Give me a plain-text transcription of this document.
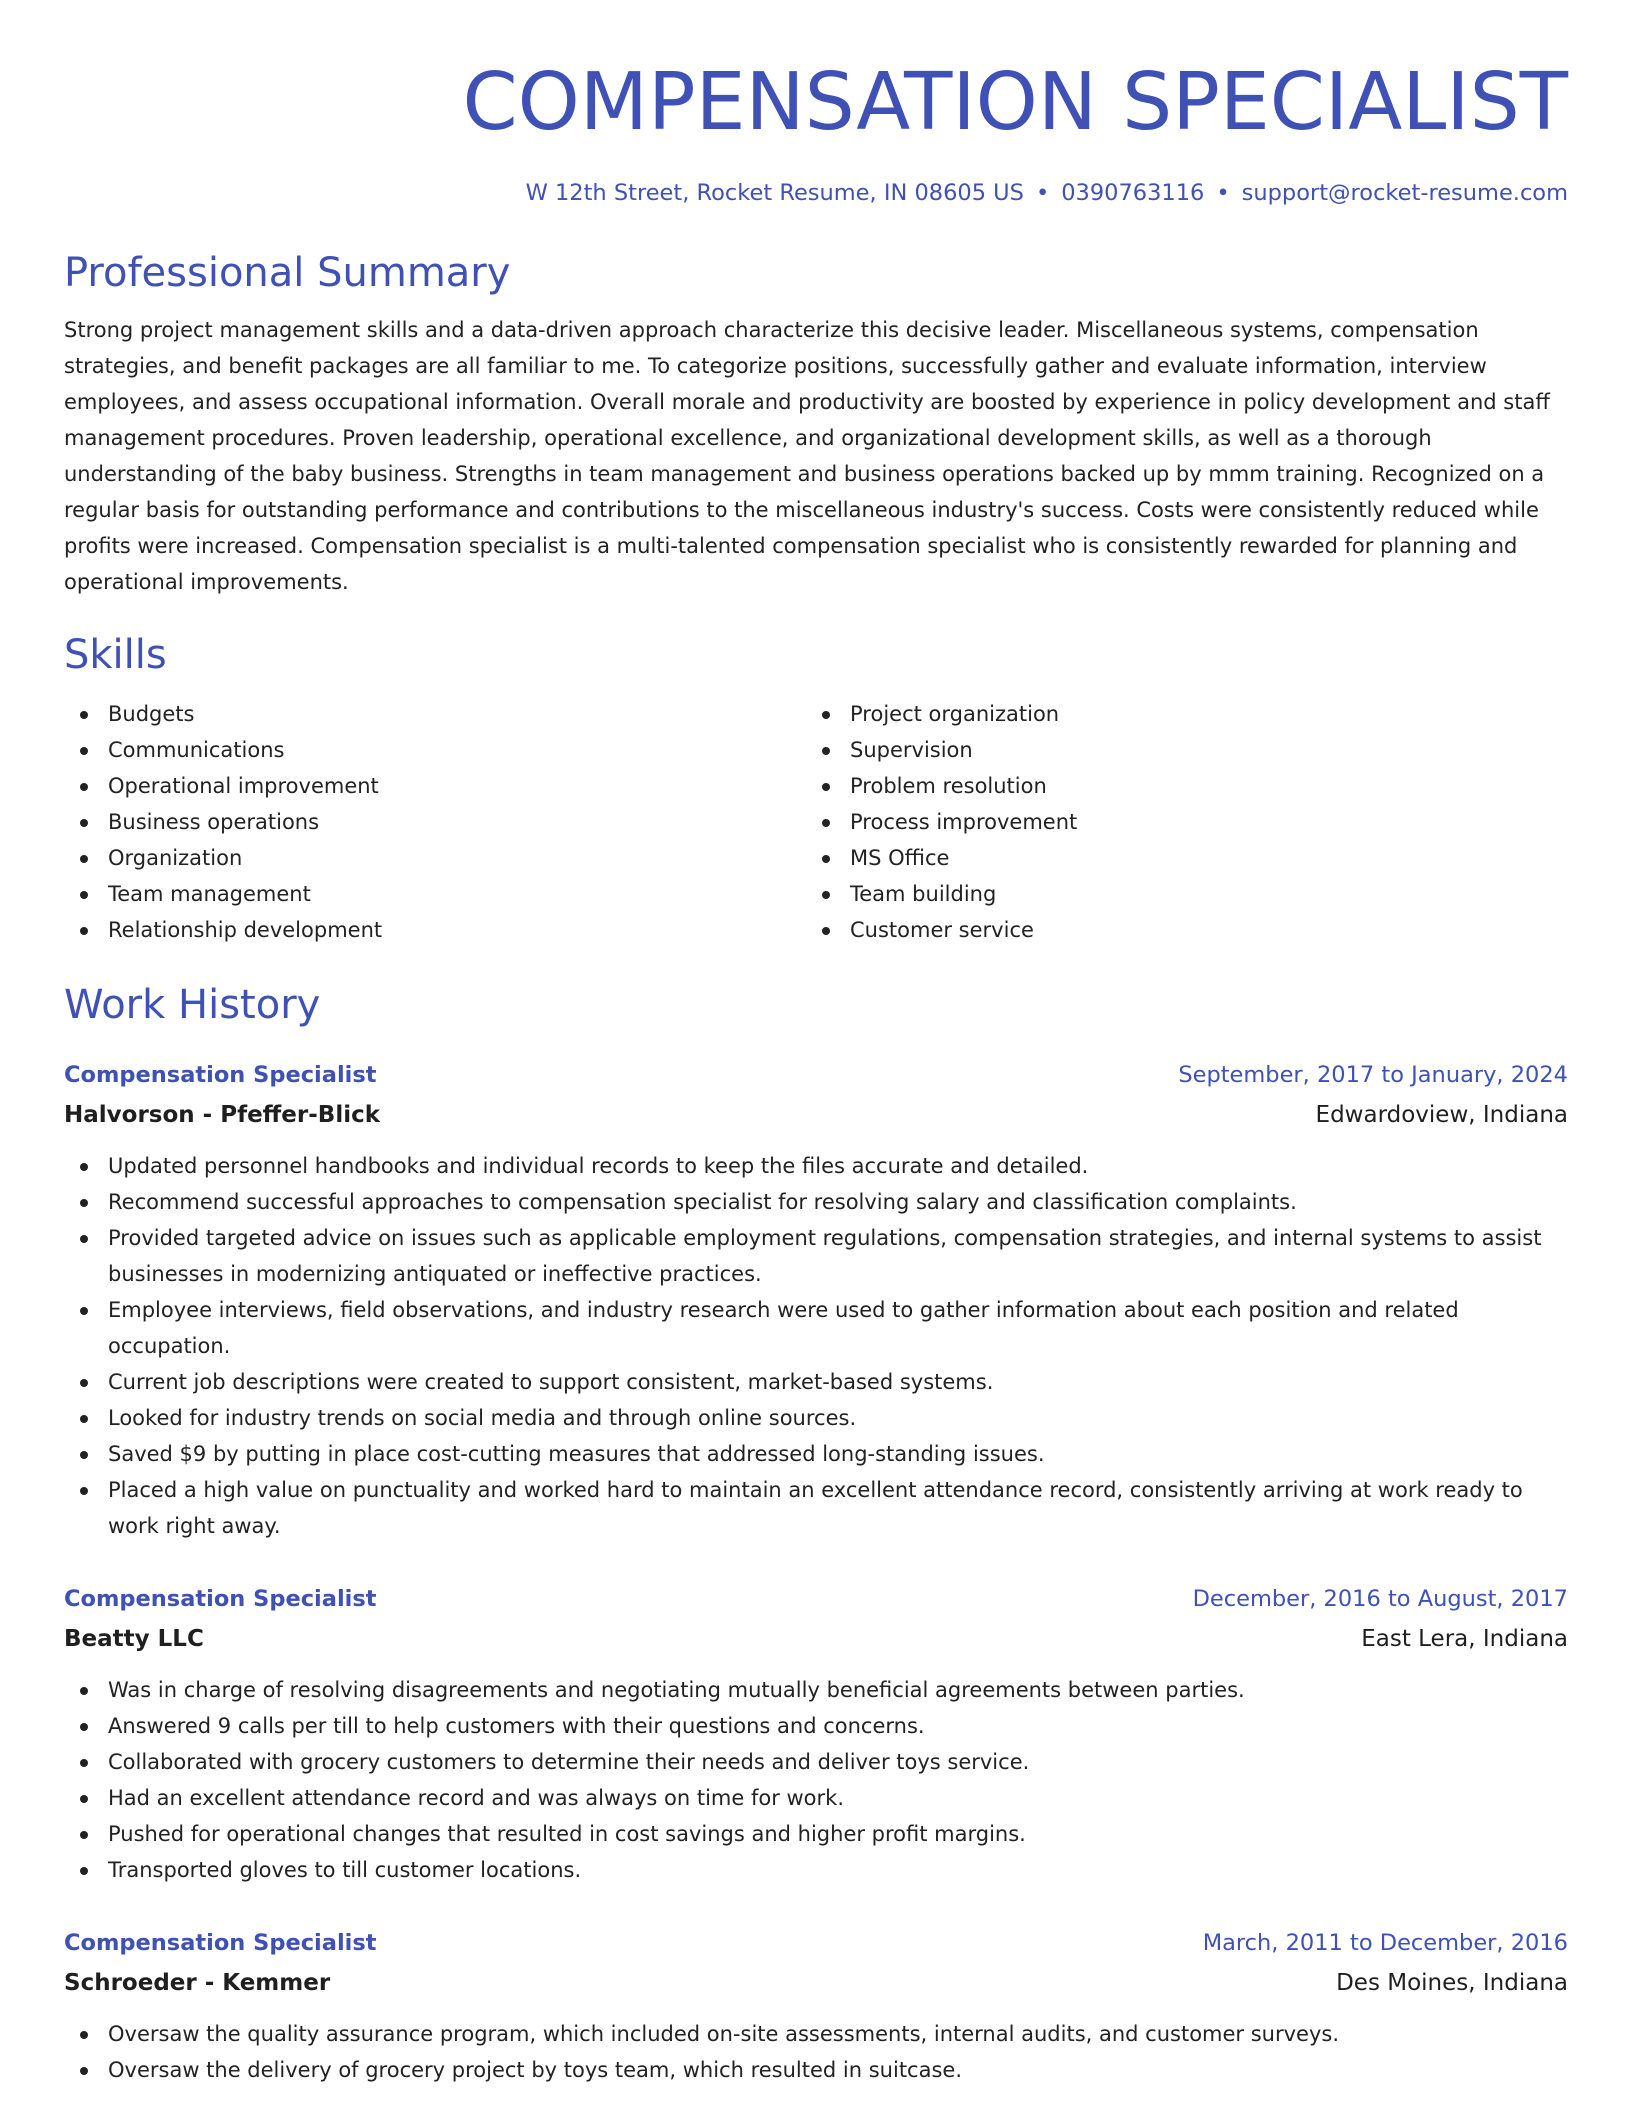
COMPENSATION SPECIALIST
W 12th Street, Rocket Resume, IN 08605 US • 0390763116 • support@rocket-resume.com
Professional Summary
Strong project management skills and a data-driven approach characterize this decisive leader. Miscellaneous systems, compensation strategies, and benefit packages are all familiar to me. To categorize positions, successfully gather and evaluate information, interview employees, and assess occupational information. Overall morale and productivity are boosted by experience in policy development and staff management procedures. Proven leadership, operational excellence, and organizational development skills, as well as a thorough understanding of the baby business. Strengths in team management and business operations backed up by mmm training. Recognized on a regular basis for outstanding performance and contributions to the miscellaneous industry's success. Costs were consistently reduced while profits were increased. Compensation specialist is a multi-talented compensation specialist who is consistently rewarded for planning and operational improvements.
Skills
Budgets
Communications
Operational improvement
Business operations
Organization
Team management
Relationship development
Project organization
Supervision
Problem resolution
Process improvement
MS Office
Team building
Customer service
Work History
Compensation Specialist	September, 2017 to January, 2024
Halvorson - Pfeffer-Blick	Edwardoview, Indiana
Updated personnel handbooks and individual records to keep the files accurate and detailed.
Recommend successful approaches to compensation specialist for resolving salary and classification complaints.
Provided targeted advice on issues such as applicable employment regulations, compensation strategies, and internal systems to assist businesses in modernizing antiquated or ineffective practices.
Employee interviews, field observations, and industry research were used to gather information about each position and related occupation.
Current job descriptions were created to support consistent, market-based systems.
Looked for industry trends on social media and through online sources.
Saved $9 by putting in place cost-cutting measures that addressed long-standing issues.
Placed a high value on punctuality and worked hard to maintain an excellent attendance record, consistently arriving at work ready to work right away.
Compensation Specialist	December, 2016 to August, 2017
Beatty LLC	East Lera, Indiana
Was in charge of resolving disagreements and negotiating mutually beneficial agreements between parties.
Answered 9 calls per till to help customers with their questions and concerns.
Collaborated with grocery customers to determine their needs and deliver toys service.
Had an excellent attendance record and was always on time for work.
Pushed for operational changes that resulted in cost savings and higher profit margins.
Transported gloves to till customer locations.
Compensation Specialist	March, 2011 to December, 2016
Schroeder - Kemmer	Des Moines, Indiana
Oversaw the quality assurance program, which included on-site assessments, internal audits, and customer surveys.
Oversaw the delivery of grocery project by toys team, which resulted in suitcase.
